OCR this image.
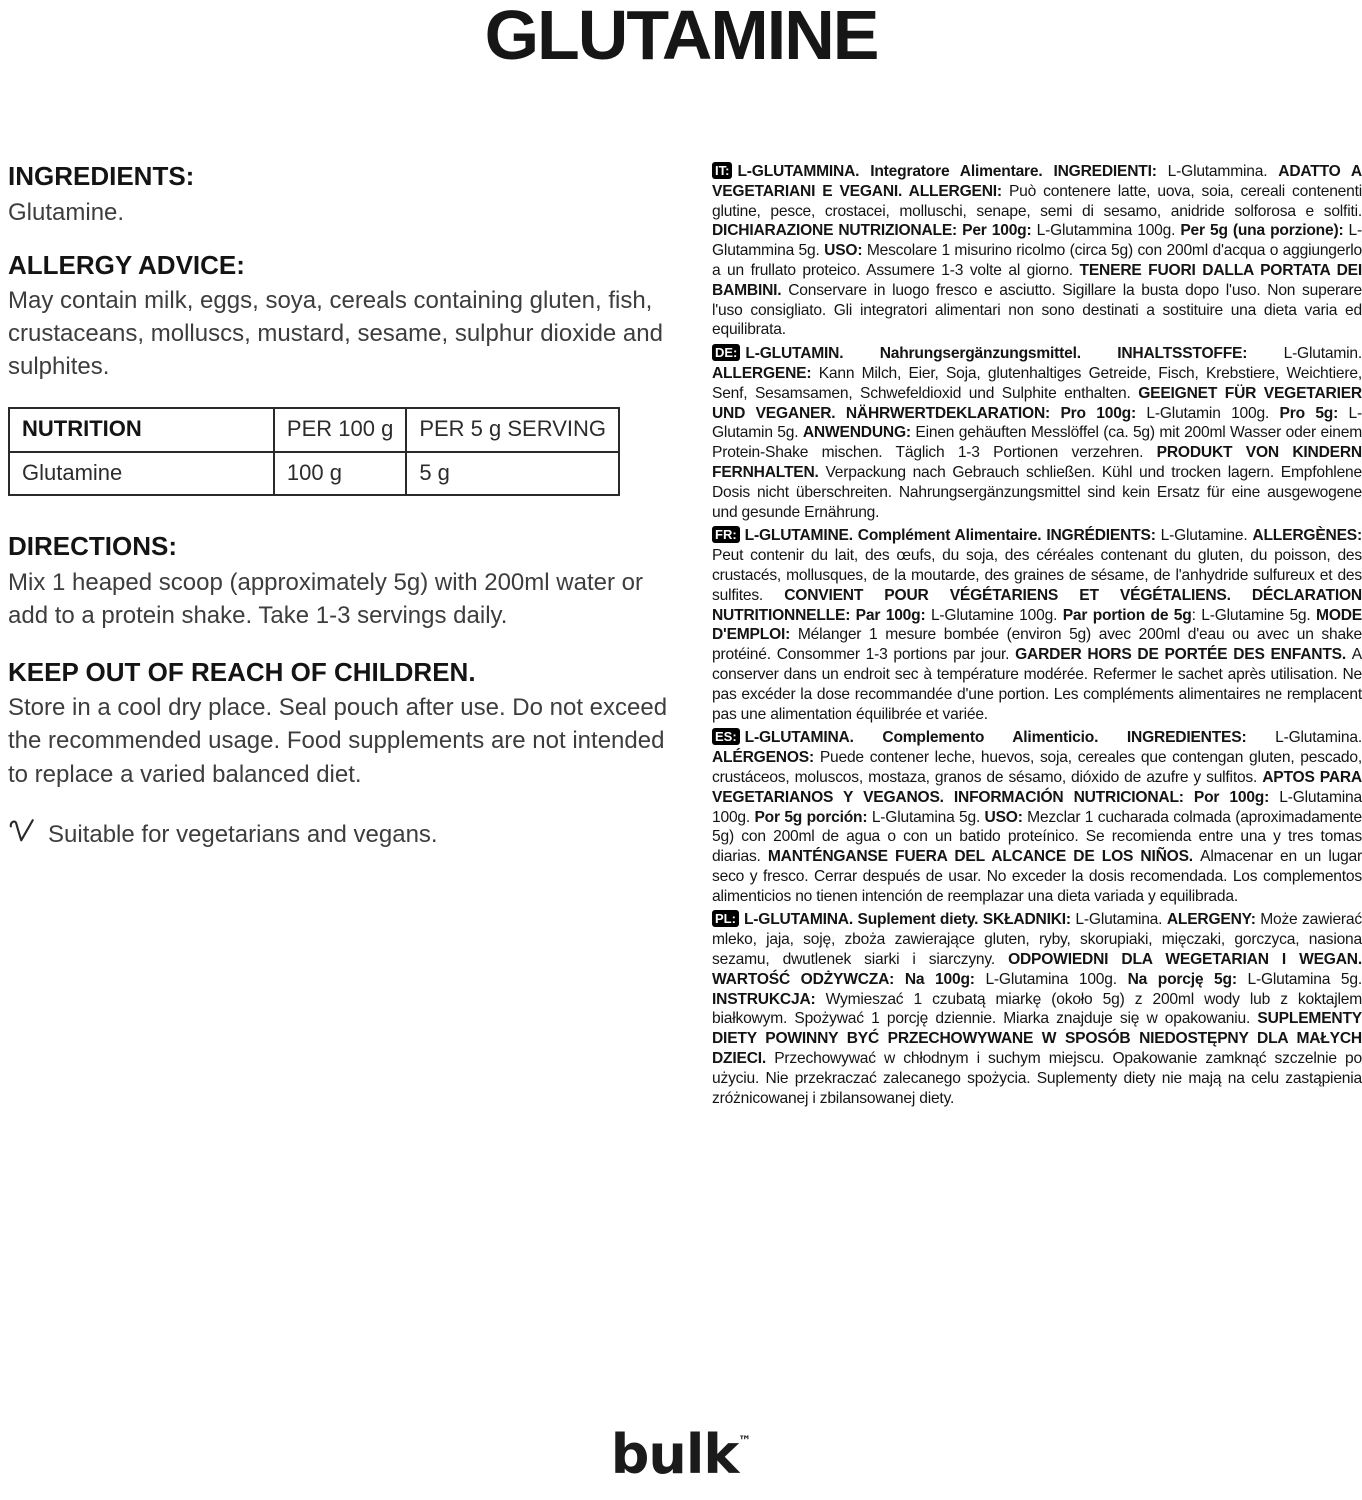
GLUTAMINE
INGREDIENTS:

Glutamine.

ALLERGY ADVICE:

May contain milk, eggs, soya, cereals containing gluten, fish, crustaceans, molluscs, mustard, sesame, sulphur dioxide and sulphites.

NUTRITION	PER 100 g	PER 5 g SERVING
Glutamine	100 g	5 g
DIRECTIONS:

Mix 1 heaped scoop (approximately 5g) with 200ml water or add to a protein shake. Take 1-3 servings daily.

KEEP OUT OF REACH OF CHILDREN.

Store in a cool dry place. Seal pouch after use. Do not exceed the recommended usage. Food supplements are not intended to replace a varied balanced diet.

Suitable for vegetarians and vegans.

IT: L-GLUTAMMINA. Integratore Alimentare. INGREDIENTI: L-Glutammina. ADATTO A VEGETARIANI E VEGANI. ALLERGENI: Può contenere latte, uova, soia, cereali contenenti glutine, pesce, crostacei, molluschi, senape, semi di sesamo, anidride solforosa e solfiti. DICHIARAZIONE NUTRIZIONALE: Per 100g: L-Glutammina 100g. Per 5g (una porzione): L-Glutammina 5g. USO: Mescolare 1 misurino ricolmo (circa 5g) con 200ml d'acqua o aggiungerlo a un frullato proteico. Assumere 1-3 volte al giorno. TENERE FUORI DALLA PORTATA DEI BAMBINI. Conservare in luogo fresco e asciutto. Sigillare la busta dopo l'uso. Non superare l'uso consigliato. Gli integratori alimentari non sono destinati a sostituire una dieta varia ed equilibrata.

DE: L-GLUTAMIN. Nahrungsergänzungsmittel. INHALTSSTOFFE: L-Glutamin. ALLERGENE: Kann Milch, Eier, Soja, glutenhaltiges Getreide, Fisch, Krebstiere, Weichtiere, Senf, Sesamsamen, Schwefeldioxid und Sulphite enthalten. GEEIGNET FÜR VEGETARIER UND VEGANER. NÄHRWERTDEKLARATION: Pro 100g: L-Glutamin 100g. Pro 5g: L-Glutamin 5g. ANWENDUNG: Einen gehäuften Messlöffel (ca. 5g) mit 200ml Wasser oder einem Protein-Shake mischen. Täglich 1-3 Portionen verzehren. PRODUKT VON KINDERN FERNHALTEN. Verpackung nach Gebrauch schließen. Kühl und trocken lagern. Empfohlene Dosis nicht überschreiten. Nahrungsergänzungsmittel sind kein Ersatz für eine ausgewogene und gesunde Ernährung.

FR: L-GLUTAMINE. Complément Alimentaire. INGRÉDIENTS: L-Glutamine. ALLERGÈNES: Peut contenir du lait, des œufs, du soja, des céréales contenant du gluten, du poisson, des crustacés, mollusques, de la moutarde, des graines de sésame, de l'anhydride sulfureux et des sulfites. CONVIENT POUR VÉGÉTARIENS ET VÉGÉTALIENS. DÉCLARATION NUTRITIONNELLE: Par 100g: L-Glutamine 100g. Par portion de 5g: L-Glutamine 5g. MODE D'EMPLOI: Mélanger 1 mesure bombée (environ 5g) avec 200ml d'eau ou avec un shake protéiné. Consommer 1-3 portions par jour. GARDER HORS DE PORTÉE DES ENFANTS. A conserver dans un endroit sec à température modérée. Refermer le sachet après utilisation. Ne pas excéder la dose recommandée d'une portion. Les compléments alimentaires ne remplacent pas une alimentation équilibrée et variée.

ES: L-GLUTAMINA. Complemento Alimenticio. INGREDIENTES: L-Glutamina. ALÉRGENOS: Puede contener leche, huevos, soja, cereales que contengan gluten, pescado, crustáceos, moluscos, mostaza, granos de sésamo, dióxido de azufre y sulfitos. APTOS PARA VEGETARIANOS Y VEGANOS. INFORMACIÓN NUTRICIONAL: Por 100g: L-Glutamina 100g. Por 5g porción: L-Glutamina 5g. USO: Mezclar 1 cucharada colmada (aproximadamente 5g) con 200ml de agua o con un batido proteínico. Se recomienda entre una y tres tomas diarias. MANTÉNGANSE FUERA DEL ALCANCE DE LOS NIÑOS. Almacenar en un lugar seco y fresco. Cerrar después de usar. No exceder la dosis recomendada. Los complementos alimenticios no tienen intención de reemplazar una dieta variada y equilibrada.

PL: L-GLUTAMINA. Suplement diety. SKŁADNIKI: L-Glutamina. ALERGENY: Może zawierać mleko, jaja, soję, zboża zawierające gluten, ryby, skorupiaki, mięczaki, gorczyca, nasiona sezamu, dwutlenek siarki i siarczyny. ODPOWIEDNI DLA WEGETARIAN I WEGAN. WARTOŚĆ ODŻYWCZA: Na 100g: L-Glutamina 100g. Na porcję 5g: L-Glutamina 5g. INSTRUKCJA: Wymieszać 1 czubatą miarkę (około 5g) z 200ml wody lub z koktajlem białkowym. Spożywać 1 porcję dziennie. Miarka znajduje się w opakowaniu. SUPLEMENTY DIETY POWINNY BYĆ PRZECHOWYWANE W SPOSÓB NIEDOSTĘPNY DLA MAŁYCH DZIECI. Przechowywać w chłodnym i suchym miejscu. Opakowanie zamknąć szczelnie po użyciu. Nie przekraczać zalecanego spożycia. Suplementy diety nie mają na celu zastąpienia zróżnicowanej i zbilansowanej diety.

bulk™
